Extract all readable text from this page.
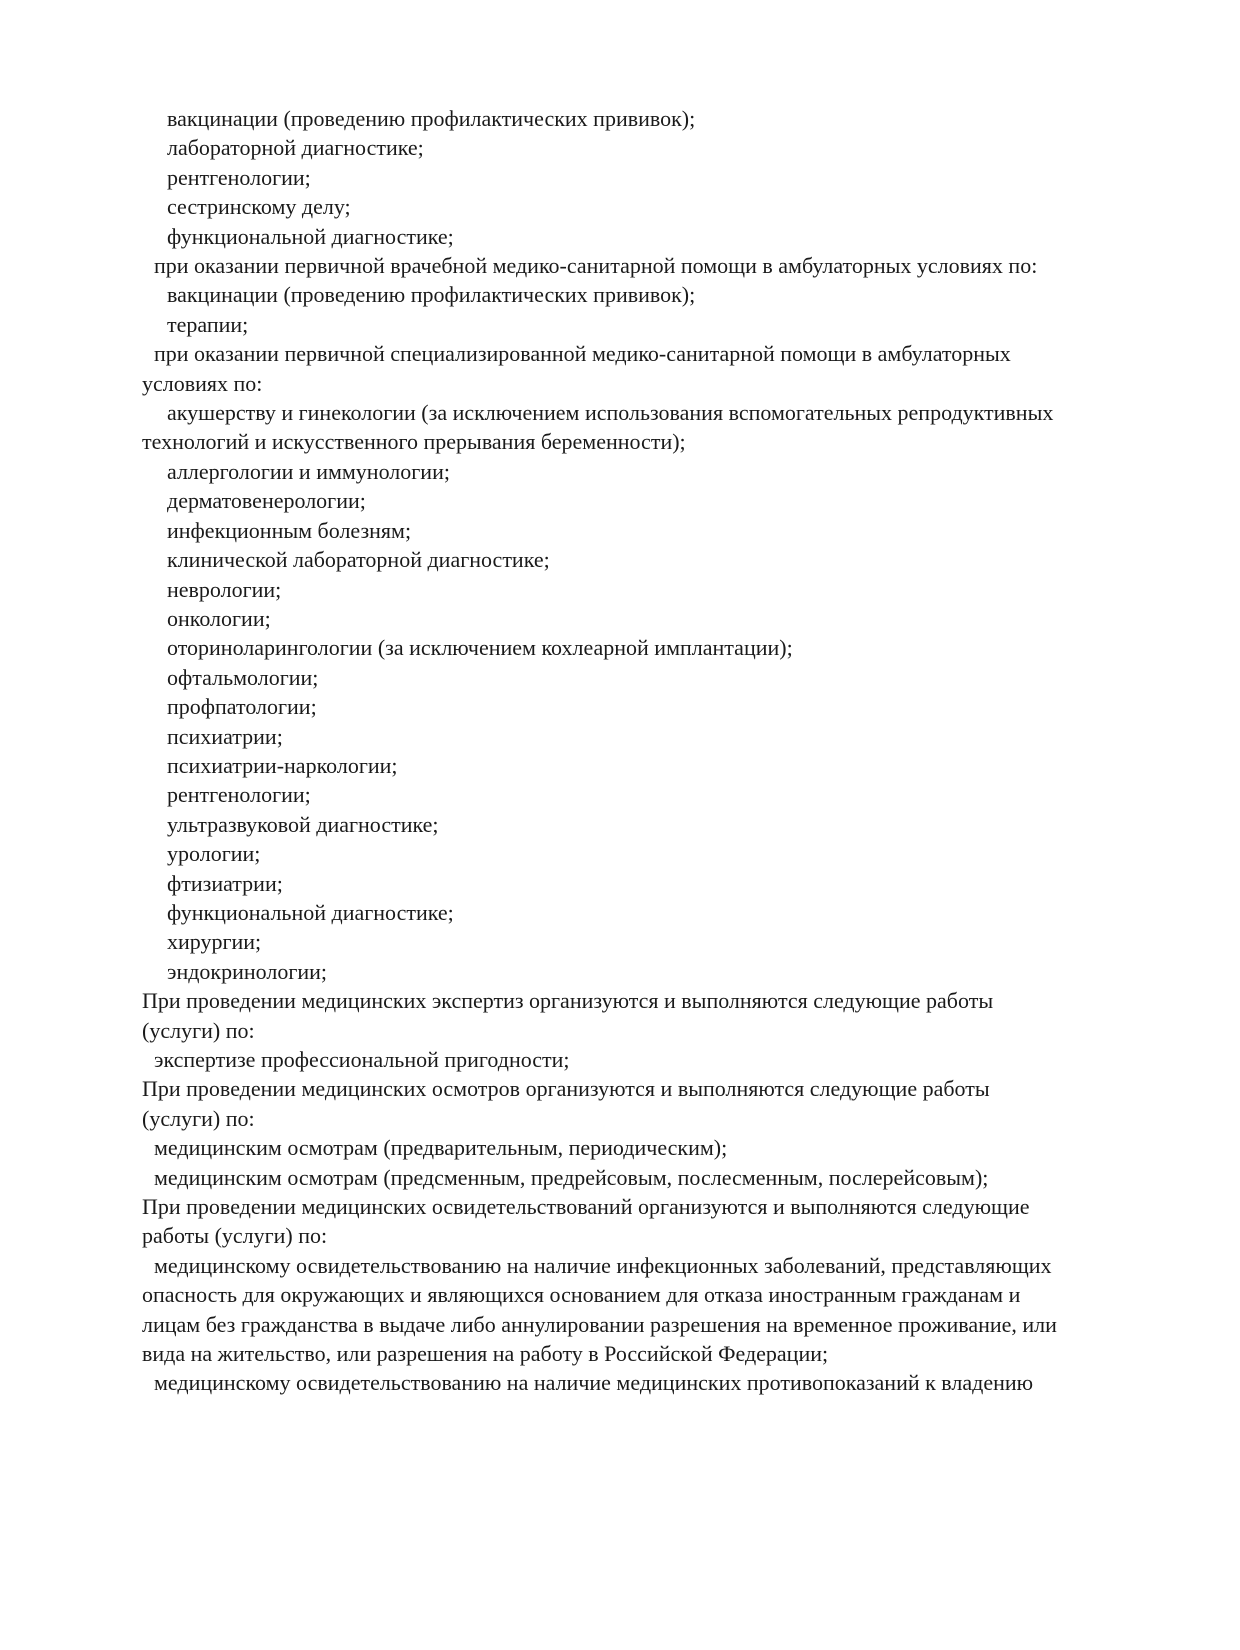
вакцинации (проведению профилактических прививок);
лабораторной диагностике;
рентгенологии;
сестринскому делу;
функциональной диагностике;
при оказании первичной врачебной медико-санитарной помощи в амбулаторных условиях по:
вакцинации (проведению профилактических прививок);
терапии;
при оказании первичной специализированной медико-санитарной помощи в амбулаторных
условиях по:
акушерству и гинекологии (за исключением использования вспомогательных репродуктивных
технологий и искусственного прерывания беременности);
аллергологии и иммунологии;
дерматовенерологии;
инфекционным болезням;
клинической лабораторной диагностике;
неврологии;
онкологии;
оториноларингологии (за исключением кохлеарной имплантации);
офтальмологии;
профпатологии;
психиатрии;
психиатрии-наркологии;
рентгенологии;
ультразвуковой диагностике;
урологии;
фтизиатрии;
функциональной диагностике;
хирургии;
эндокринологии;
При проведении медицинских экспертиз организуются и выполняются следующие работы
(услуги) по:
экспертизе профессиональной пригодности;
При проведении медицинских осмотров организуются и выполняются следующие работы
(услуги) по:
медицинским осмотрам (предварительным, периодическим);
медицинским осмотрам (предсменным, предрейсовым, послесменным, послерейсовым);
При проведении медицинских освидетельствований организуются и выполняются следующие
работы (услуги) по:
медицинскому освидетельствованию на наличие инфекционных заболеваний, представляющих
опасность для окружающих и являющихся основанием для отказа иностранным гражданам и
лицам без гражданства в выдаче либо аннулировании разрешения на временное проживание, или
вида на жительство, или разрешения на работу в Российской Федерации;
медицинскому освидетельствованию на наличие медицинских противопоказаний к владению
